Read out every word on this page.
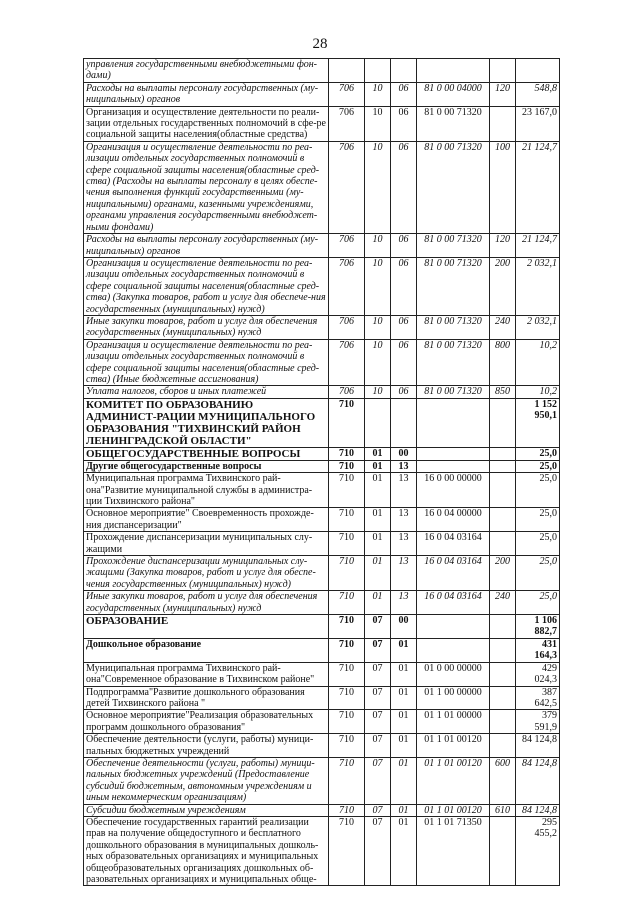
28
управления государственными внебюджетными фон-дами)						
Расходы на выплаты персоналу государственных (му-ниципальных) органов	706	10	06	81 0 00 04000	120	548,8
Организация и осуществление деятельности по реали-зации отдельных государственных полномочий в сфе-ре социальной защиты населения(областные средства)	706	10	06	81 0 00 71320		23 167,0
Организация и осуществление деятельности по реа-лизации отдельных государственных полномочий в сфере социальной защиты населения(областные сред-ства) (Расходы на выплаты персоналу в целях обеспе-чения выполнения функций государственными (му-ниципальными) органами, казенными учреждениями, органами управления государственными внебюджет-ными фондами)	706	10	06	81 0 00 71320	100	21 124,7
Расходы на выплаты персоналу государственных (му-ниципальных) органов	706	10	06	81 0 00 71320	120	21 124,7
Организация и осуществление деятельности по реа-лизации отдельных государственных полномочий в сфере социальной защиты населения(областные сред-ства) (Закупка товаров, работ и услуг для обеспече-ния государственных (муниципальных) нужд)	706	10	06	81 0 00 71320	200	2 032,1
Иные закупки товаров, работ и услуг для обеспечения государственных (муниципальных) нужд	706	10	06	81 0 00 71320	240	2 032,1
Организация и осуществление деятельности по реа-лизации отдельных государственных полномочий в сфере социальной защиты населения(областные сред-ства) (Иные бюджетные ассигнования)	706	10	06	81 0 00 71320	800	10,2
Уплата налогов, сборов и иных платежей	706	10	06	81 0 00 71320	850	10,2
КОМИТЕТ ПО ОБРАЗОВАНИЮ АДМИНИСТ-РАЦИИ МУНИЦИПАЛЬНОГО ОБРАЗОВАНИЯ "ТИХВИНСКИЙ РАЙОН ЛЕНИНГРАДСКОЙ ОБЛАСТИ"	710					1 152 950,1
ОБЩЕГОСУДАРСТВЕННЫЕ ВОПРОСЫ	710	01	00			25,0
Другие общегосударственные вопросы	710	01	13			25,0
Муниципальная программа Тихвинского рай-она"Развитие муниципальной службы в администра-ции Тихвинского района"	710	01	13	16 0 00 00000		25,0
Основное мероприятие" Своевременность прохожде-ния диспансеризации"	710	01	13	16 0 04 00000		25,0
Прохождение диспансеризации муниципальных слу-жащими	710	01	13	16 0 04 03164		25,0
Прохождение диспансеризации муниципальных слу-жащими (Закупка товаров, работ и услуг для обеспе-чения государственных (муниципальных) нужд)	710	01	13	16 0 04 03164	200	25,0
Иные закупки товаров, работ и услуг для обеспечения государственных (муниципальных) нужд	710	01	13	16 0 04 03164	240	25,0
ОБРАЗОВАНИЕ	710	07	00			1 106 882,7
Дошкольное образование	710	07	01			431 164,3
Муниципальная программа Тихвинского рай-она"Современное образование в Тихвинском районе"	710	07	01	01 0 00 00000		429 024,3
Подпрограмма"Развитие дошкольного образования детей Тихвинского района "	710	07	01	01 1 00 00000		387 642,5
Основное мероприятие"Реализация образовательных программ дошкольного образования"	710	07	01	01 1 01 00000		379 591,9
Обеспечение деятельности (услуги, работы) муници-пальных бюджетных учреждений	710	07	01	01 1 01 00120		84 124,8
Обеспечение деятельности (услуги, работы) муници-пальных бюджетных учреждений (Предоставление субсидий бюджетным, автономным учреждениям и иным некоммерческим организациям)	710	07	01	01 1 01 00120	600	84 124,8
Субсидии бюджетным учреждениям	710	07	01	01 1 01 00120	610	84 124,8
Обеспечение государственных гарантий реализации прав на получение общедоступного и бесплатного дошкольного образования в муниципальных дошколь-ных образовательных организациях и муниципальных общеобразовательных организациях дошкольных об-разовательных организациях и муниципальных обще-	710	07	01	01 1 01 71350		295 455,2
